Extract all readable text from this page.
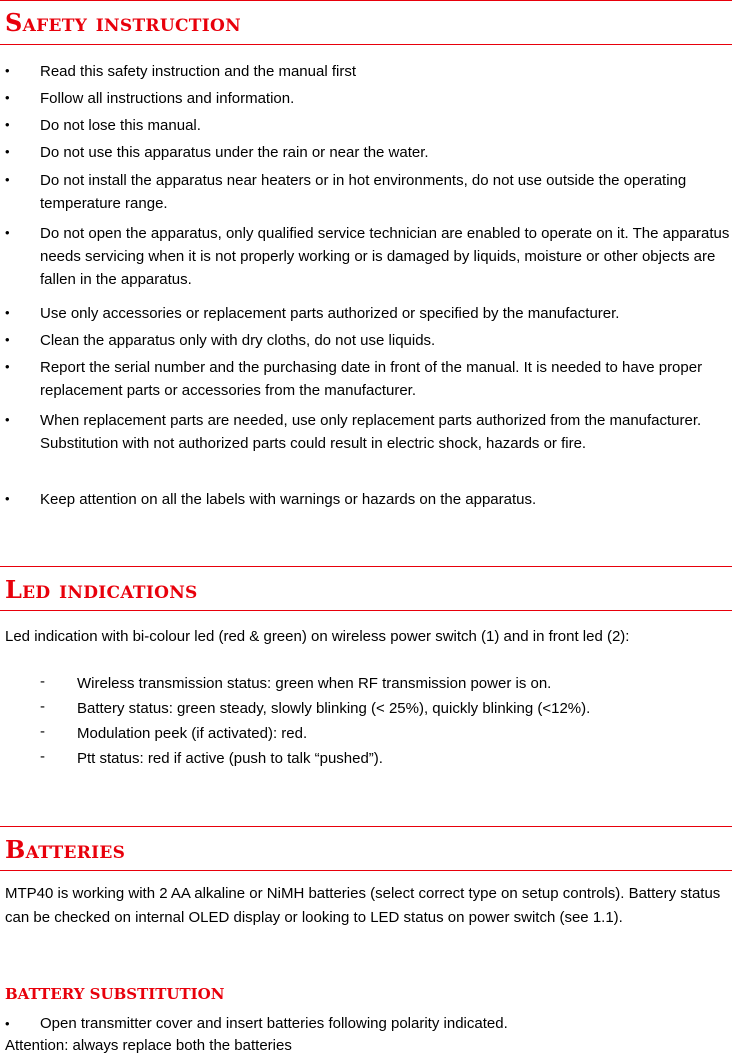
Safety instruction
• Read this safety instruction and the manual first

• Follow all instructions and information.

• Do not lose this manual.

• Do not use this apparatus under the rain or near the water.

• Do not install the apparatus near heaters or in hot environments, do not use outside the operating temperature range.

• Do not open the apparatus, only qualified service technician are enabled to operate on it. The apparatus needs servicing when it is not properly working or is damaged by liquids, moisture or other objects are fallen in the apparatus.

• Use only accessories or replacement parts authorized or specified by the manufacturer.

• Clean the apparatus only with dry cloths, do not use liquids.

• Report the serial number and the purchasing date in front of the manual. It is needed to have proper replacement parts or accessories from the manufacturer.

• When replacement parts are needed, use only replacement parts authorized from the manufacturer. Substitution with not authorized parts could result in electric shock, hazards or fire.

• Keep attention on all the labels with warnings or hazards on the apparatus.

Led indications

Led indication with bi-colour led (red & green) on wireless power switch (1) and in front led (2):

- Wireless transmission status: green when RF transmission power is on.
- Battery status: green steady, slowly blinking (< 25%), quickly blinking (<12%).
- Modulation peek (if activated): red.
- Ptt status: red if active (push to talk “pushed”).
Batteries

MTP40 is working with 2 AA alkaline or NiMH batteries (select correct type on setup controls). Battery status can be checked on internal OLED display or looking to LED status on power switch (see 1.1).

BATTERY SUBSTITUTION
• Open transmitter cover and insert batteries following polarity indicated.

Attention: always replace both the batteries
